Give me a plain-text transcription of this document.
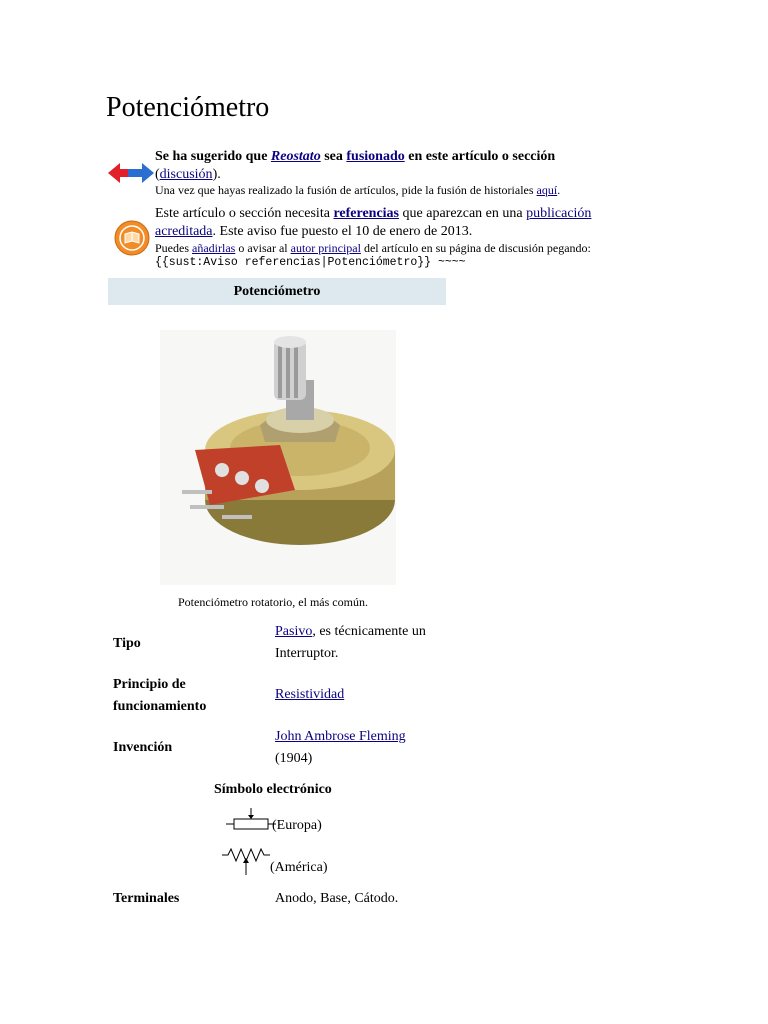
Potenciómetro
Se ha sugerido que Reostato sea fusionado en este artículo o sección
(discusión).
Una vez que hayas realizado la fusión de artículos, pide la fusión de historiales aquí.
Este artículo o sección necesita referencias que aparezcan en una publicación
acreditada. Este aviso fue puesto el 10 de enero de 2013.
Puedes añadirlas o avisar al autor principal del artículo en su página de discusión pegando:
{{sust:Aviso referencias|Potenciómetro}} ~~~~
Potenciómetro
Potenciómetro rotatorio, el más común.
Tipo
Pasivo, es técnicamente un
Interruptor.
Principio de
funcionamiento
Resistividad
Invención
John Ambrose Fleming
(1904)
Símbolo electrónico
(Europa)
(América)
Terminales	Anodo, Base, Cátodo.
